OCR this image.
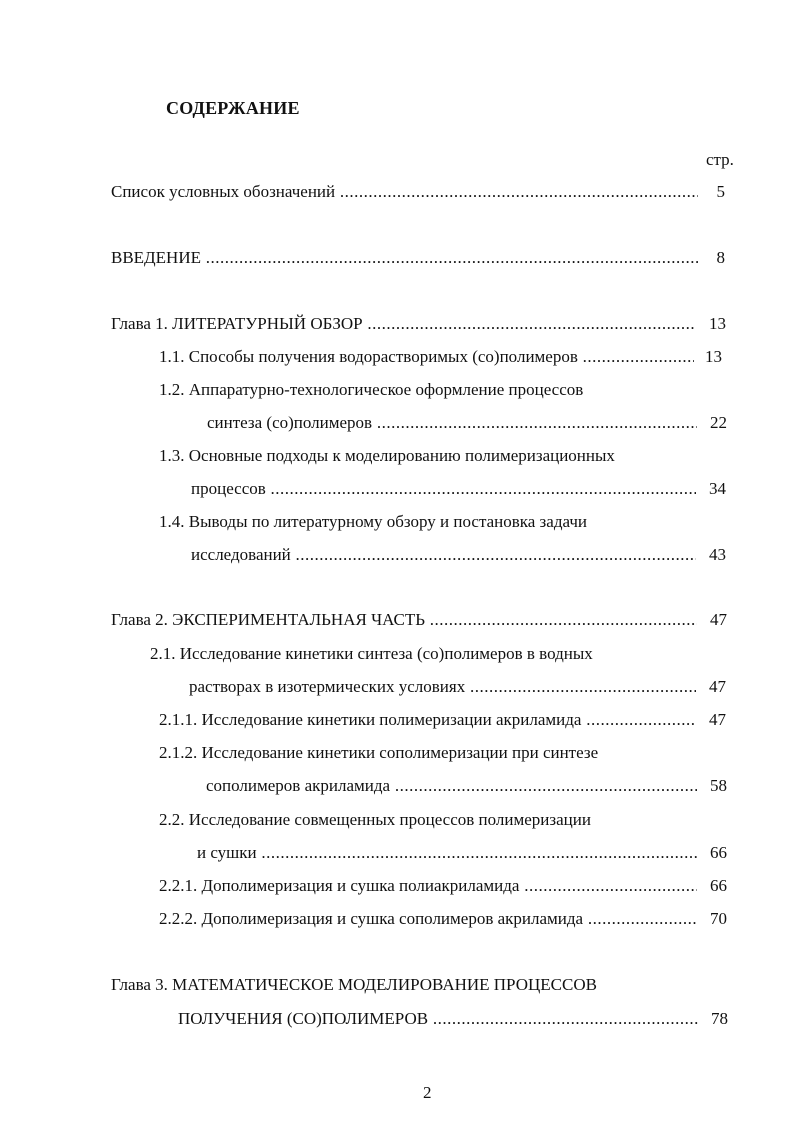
СОДЕРЖАНИЕ
стр.
Список условных обозначений .....	5
ВВЕДЕНИЕ .....	8
Глава 1. ЛИТЕРАТУРНЫЙ ОБЗОР .....	13
1.1. Способы получения водорастворимых (со)полимеров .....	13
1.2. Аппаратурно-технологическое оформление процессов
синтеза (со)полимеров .....	22
1.3. Основные подходы к моделированию полимеризационных
процессов .....	34
1.4. Выводы по литературному обзору и постановка задачи
исследований .....	43
Глава 2. ЭКСПЕРИМЕНТАЛЬНАЯ ЧАСТЬ .....	47
2.1. Исследование кинетики синтеза (со)полимеров в водных
растворах в изотермических условиях .....	47
2.1.1. Исследование кинетики полимеризации акриламида .....	47
2.1.2. Исследование кинетики сополимеризации при синтезе
сополимеров акриламида .....	58
2.2. Исследование совмещенных процессов полимеризации
и сушки .....	66
2.2.1. Дополимеризация и сушка полиакриламида .....	66
2.2.2. Дополимеризация и сушка сополимеров акриламида .....	70
Глава 3. МАТЕМАТИЧЕСКОЕ МОДЕЛИРОВАНИЕ ПРОЦЕССОВ
ПОЛУЧЕНИЯ (СО)ПОЛИМЕРОВ .....	78
2
